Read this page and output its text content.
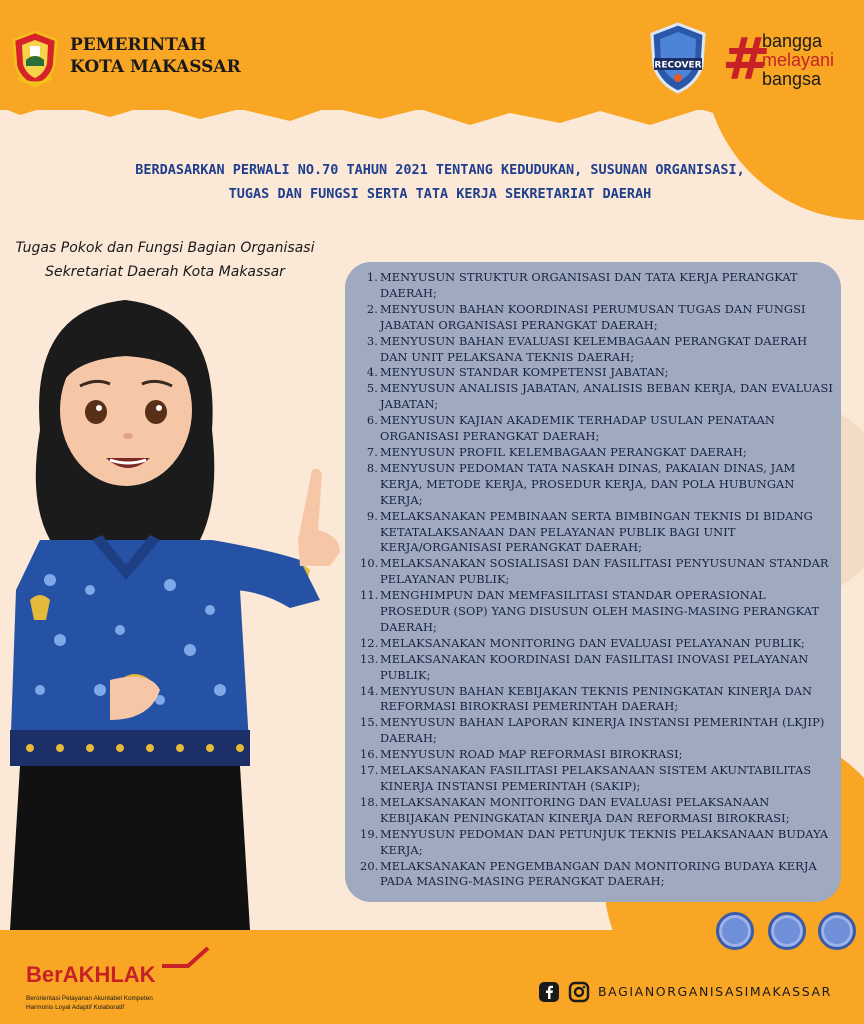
PEMERINTAH
KOTA MAKASSAR	RECOVER #
bangga
melayani
bangsa
BERDASARKAN PERWALI NO.70 TAHUN 2021 TENTANG KEDUDUKAN, SUSUNAN ORGANISASI,
TUGAS DAN FUNGSI SERTA TATA KERJA SEKRETARIAT DAERAH
Tugas Pokok dan Fungsi Bagian Organisasi
Sekretariat Daerah Kota Makassar	1. MENYUSUN STRUKTUR ORGANISASI DAN TATA KERJA PERANGKAT DAERAH;
2. MENYUSUN BAHAN KOORDINASI PERUMUSAN TUGAS DAN FUNGSI JABATAN ORGANISASI PERANGKAT DAERAH;
3. MENYUSUN BAHAN EVALUASI KELEMBAGAAN PERANGKAT DAERAH DAN UNIT PELAKSANA TEKNIS DAERAH;
4. MENYUSUN STANDAR KOMPETENSI JABATAN;
5. MENYUSUN ANALISIS JABATAN, ANALISIS BEBAN KERJA, DAN EVALUASI JABATAN;
6. MENYUSUN KAJIAN AKADEMIK TERHADAP USULAN PENATAAN ORGANISASI PERANGKAT DAERAH;
7. MENYUSUN PROFIL KELEMBAGAAN PERANGKAT DAERAH;
8. MENYUSUN PEDOMAN TATA NASKAH DINAS, PAKAIAN DINAS, JAM KERJA, METODE KERJA, PROSEDUR KERJA, DAN POLA HUBUNGAN KERJA;
9. MELAKSANAKAN PEMBINAAN SERTA BIMBINGAN TEKNIS DI BIDANG KETATALAKSANAAN DAN PELAYANAN PUBLIK BAGI UNIT KERJA/ORGANISASI PERANGKAT DAERAH;
10. MELAKSANAKAN SOSIALISASI DAN FASILITASI PENYUSUNAN STANDAR PELAYANAN PUBLIK;
11. MENGHIMPUN DAN MEMFASILITASI STANDAR OPERASIONAL PROSEDUR (SOP) YANG DISUSUN OLEH MASING-MASING PERANGKAT DAERAH;
12. MELAKSANAKAN MONITORING DAN EVALUASI PELAYANAN PUBLIK;
13. MELAKSANAKAN KOORDINASI DAN FASILITASI INOVASI PELAYANAN PUBLIK;
14. MENYUSUN BAHAN KEBIJAKAN TEKNIS PENINGKATAN KINERJA DAN REFORMASI BIROKRASI PEMERINTAH DAERAH;
15. MENYUSUN BAHAN LAPORAN KINERJA INSTANSI PEMERINTAH (LKJIP) DAERAH;
16. MENYUSUN ROAD MAP REFORMASI BIROKRASI;
17. MELAKSANAKAN FASILITASI PELAKSANAAN SISTEM AKUNTABILITAS KINERJA INSTANSI PEMERINTAH (SAKIP);
18. MELAKSANAKAN MONITORING DAN EVALUASI PELAKSANAAN KEBIJAKAN PENINGKATAN KINERJA DAN REFORMASI BIROKRASI;
19. MENYUSUN PEDOMAN DAN PETUNJUK TEKNIS PELAKSANAAN BUDAYA KERJA;
20. MELAKSANAKAN PENGEMBANGAN DAN MONITORING BUDAYA KERJA PADA MASING-MASING PERANGKAT DAERAH;
BerAKHLAK
Berorientasi Pelayanan Akuntabel Kompeten
Harmonis Loyal Adaptif Kolaboratif
BAGIANORGANISASIMAKASSAR
